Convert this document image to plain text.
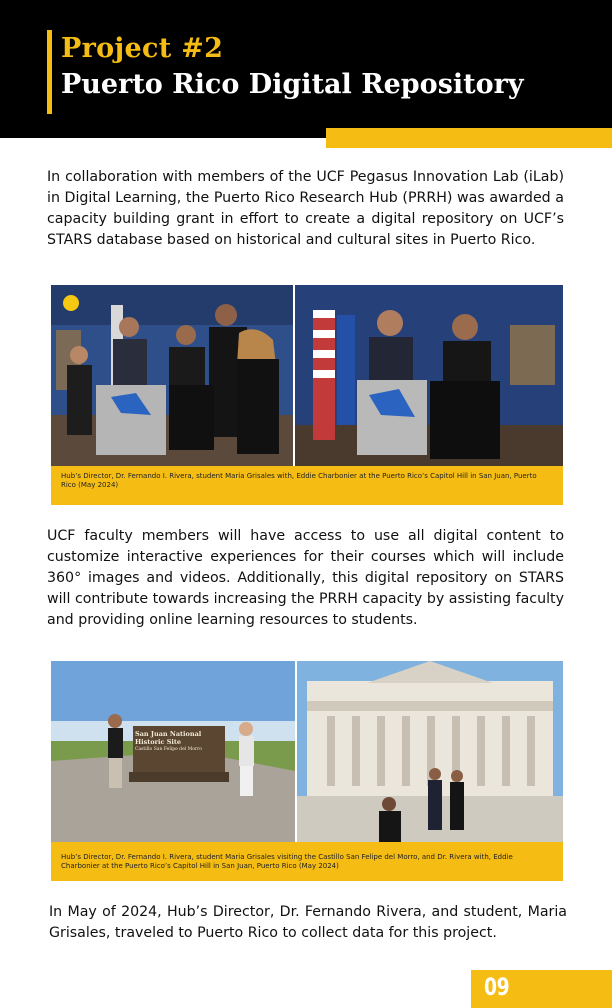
Project #2
Puerto Rico Digital Repository

In collaboration with members of the UCF Pegasus Innovation Lab (iLab) in Digital Learning, the Puerto Rico Research Hub (PRRH) was awarded a capacity building grant in effort to create a digital repository on UCF’s STARS database based on historical and cultural sites in Puerto Rico.

Hub’s Director, Dr. Fernando I. Rivera, student Maria Grisales with, Eddie Charbonier at the Puerto Rico’s Capitol Hill in San Juan, Puerto Rico (May 2024)

UCF faculty members will have access to use all digital content to customize interactive experiences for their courses which will include 360° images and videos. Additionally, this digital repository on STARS will contribute towards increasing the PRRH capacity by assisting faculty and providing online learning resources to students.

San Juan National
Historic Site
Castillo San Felipe del Morro
Hub’s Director, Dr. Fernando I. Rivera, student Maria Grisales visiting the Castillo San Felipe del Morro, and Dr. Rivera with, Eddie Charbonier at the Puerto Rico’s Capitol Hill in San Juan, Puerto Rico (May 2024)

In May of 2024, Hub’s Director, Dr. Fernando Rivera, and student, Maria Grisales, traveled to Puerto Rico to collect data for this project.

09
